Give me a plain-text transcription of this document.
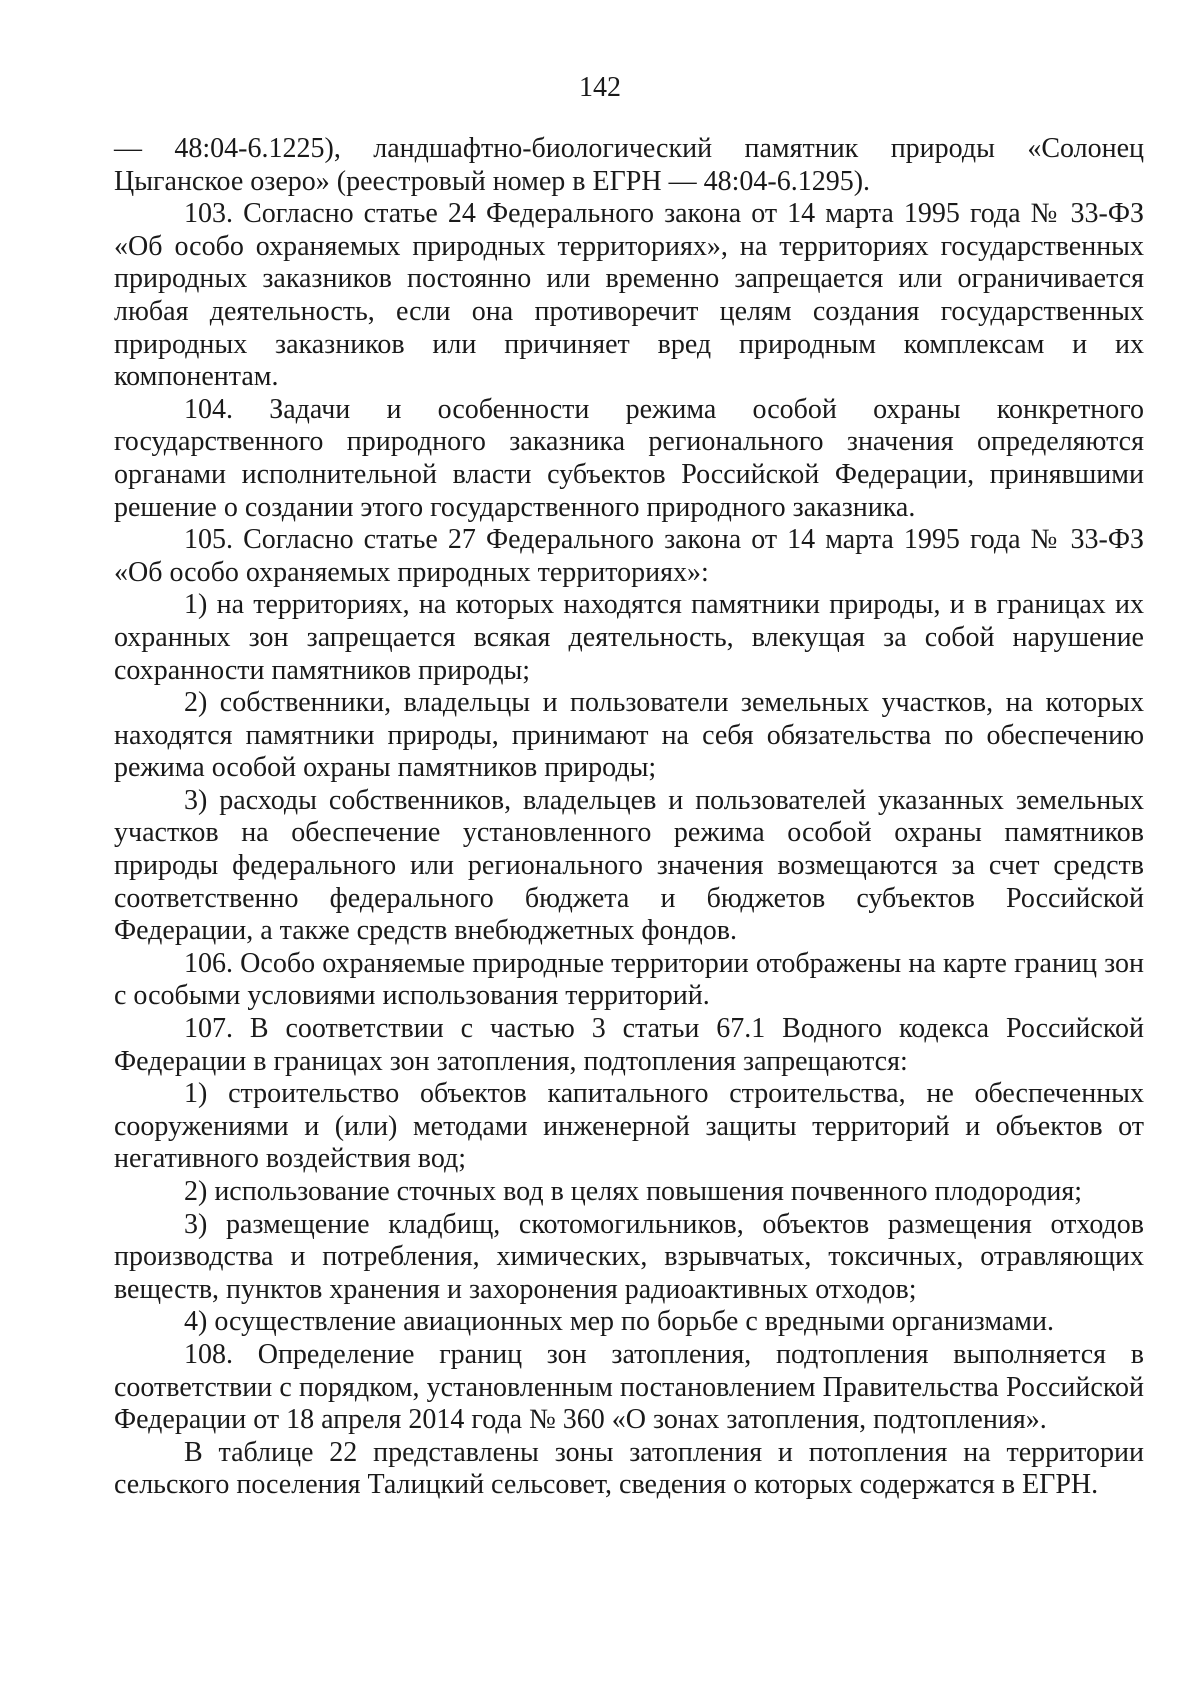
142

— 48:04-6.1225), ландшафтно-биологический памятник природы «Солонец Цыганское озеро» (реестровый номер в ЕГРН — 48:04-6.1295).

103. Согласно статье 24 Федерального закона от 14 марта 1995 года № 33-ФЗ «Об особо охраняемых природных территориях», на территориях государственных природных заказников постоянно или временно запрещается или ограничивается любая деятельность, если она противоречит целям создания государственных природных заказников или причиняет вред природным комплексам и их компонентам.

104. Задачи и особенности режима особой охраны конкретного государственного природного заказника регионального значения определяются органами исполнительной власти субъектов Российской Федерации, принявшими решение о создании этого государственного природного заказника.

105. Согласно статье 27 Федерального закона от 14 марта 1995 года № 33-ФЗ «Об особо охраняемых природных территориях»:

1) на территориях, на которых находятся памятники природы, и в границах их охранных зон запрещается всякая деятельность, влекущая за собой нарушение сохранности памятников природы;

2) собственники, владельцы и пользователи земельных участков, на которых находятся памятники природы, принимают на себя обязательства по обеспечению режима особой охраны памятников природы;

3) расходы собственников, владельцев и пользователей указанных земельных участков на обеспечение установленного режима особой охраны памятников природы федерального или регионального значения возмещаются за счет средств соответственно федерального бюджета и бюджетов субъектов Российской Федерации, а также средств внебюджетных фондов.

106. Особо охраняемые природные территории отображены на карте границ зон с особыми условиями использования территорий.

107. В соответствии с частью 3 статьи 67.1 Водного кодекса Российской Федерации в границах зон затопления, подтопления запрещаются:

1) строительство объектов капитального строительства, не обеспеченных сооружениями и (или) методами инженерной защиты территорий и объектов от негативного воздействия вод;

2) использование сточных вод в целях повышения почвенного плодородия;

3) размещение кладбищ, скотомогильников, объектов размещения отходов производства и потребления, химических, взрывчатых, токсичных, отравляющих веществ, пунктов хранения и захоронения радиоактивных отходов;

4) осуществление авиационных мер по борьбе с вредными организмами.

108. Определение границ зон затопления, подтопления выполняется в соответствии с порядком, установленным постановлением Правительства Российской Федерации от 18 апреля 2014 года № 360 «О зонах затопления, подтопления».

В таблице 22 представлены зоны затопления и потопления на территории сельского поселения Талицкий сельсовет, сведения о которых содержатся в ЕГРН.
